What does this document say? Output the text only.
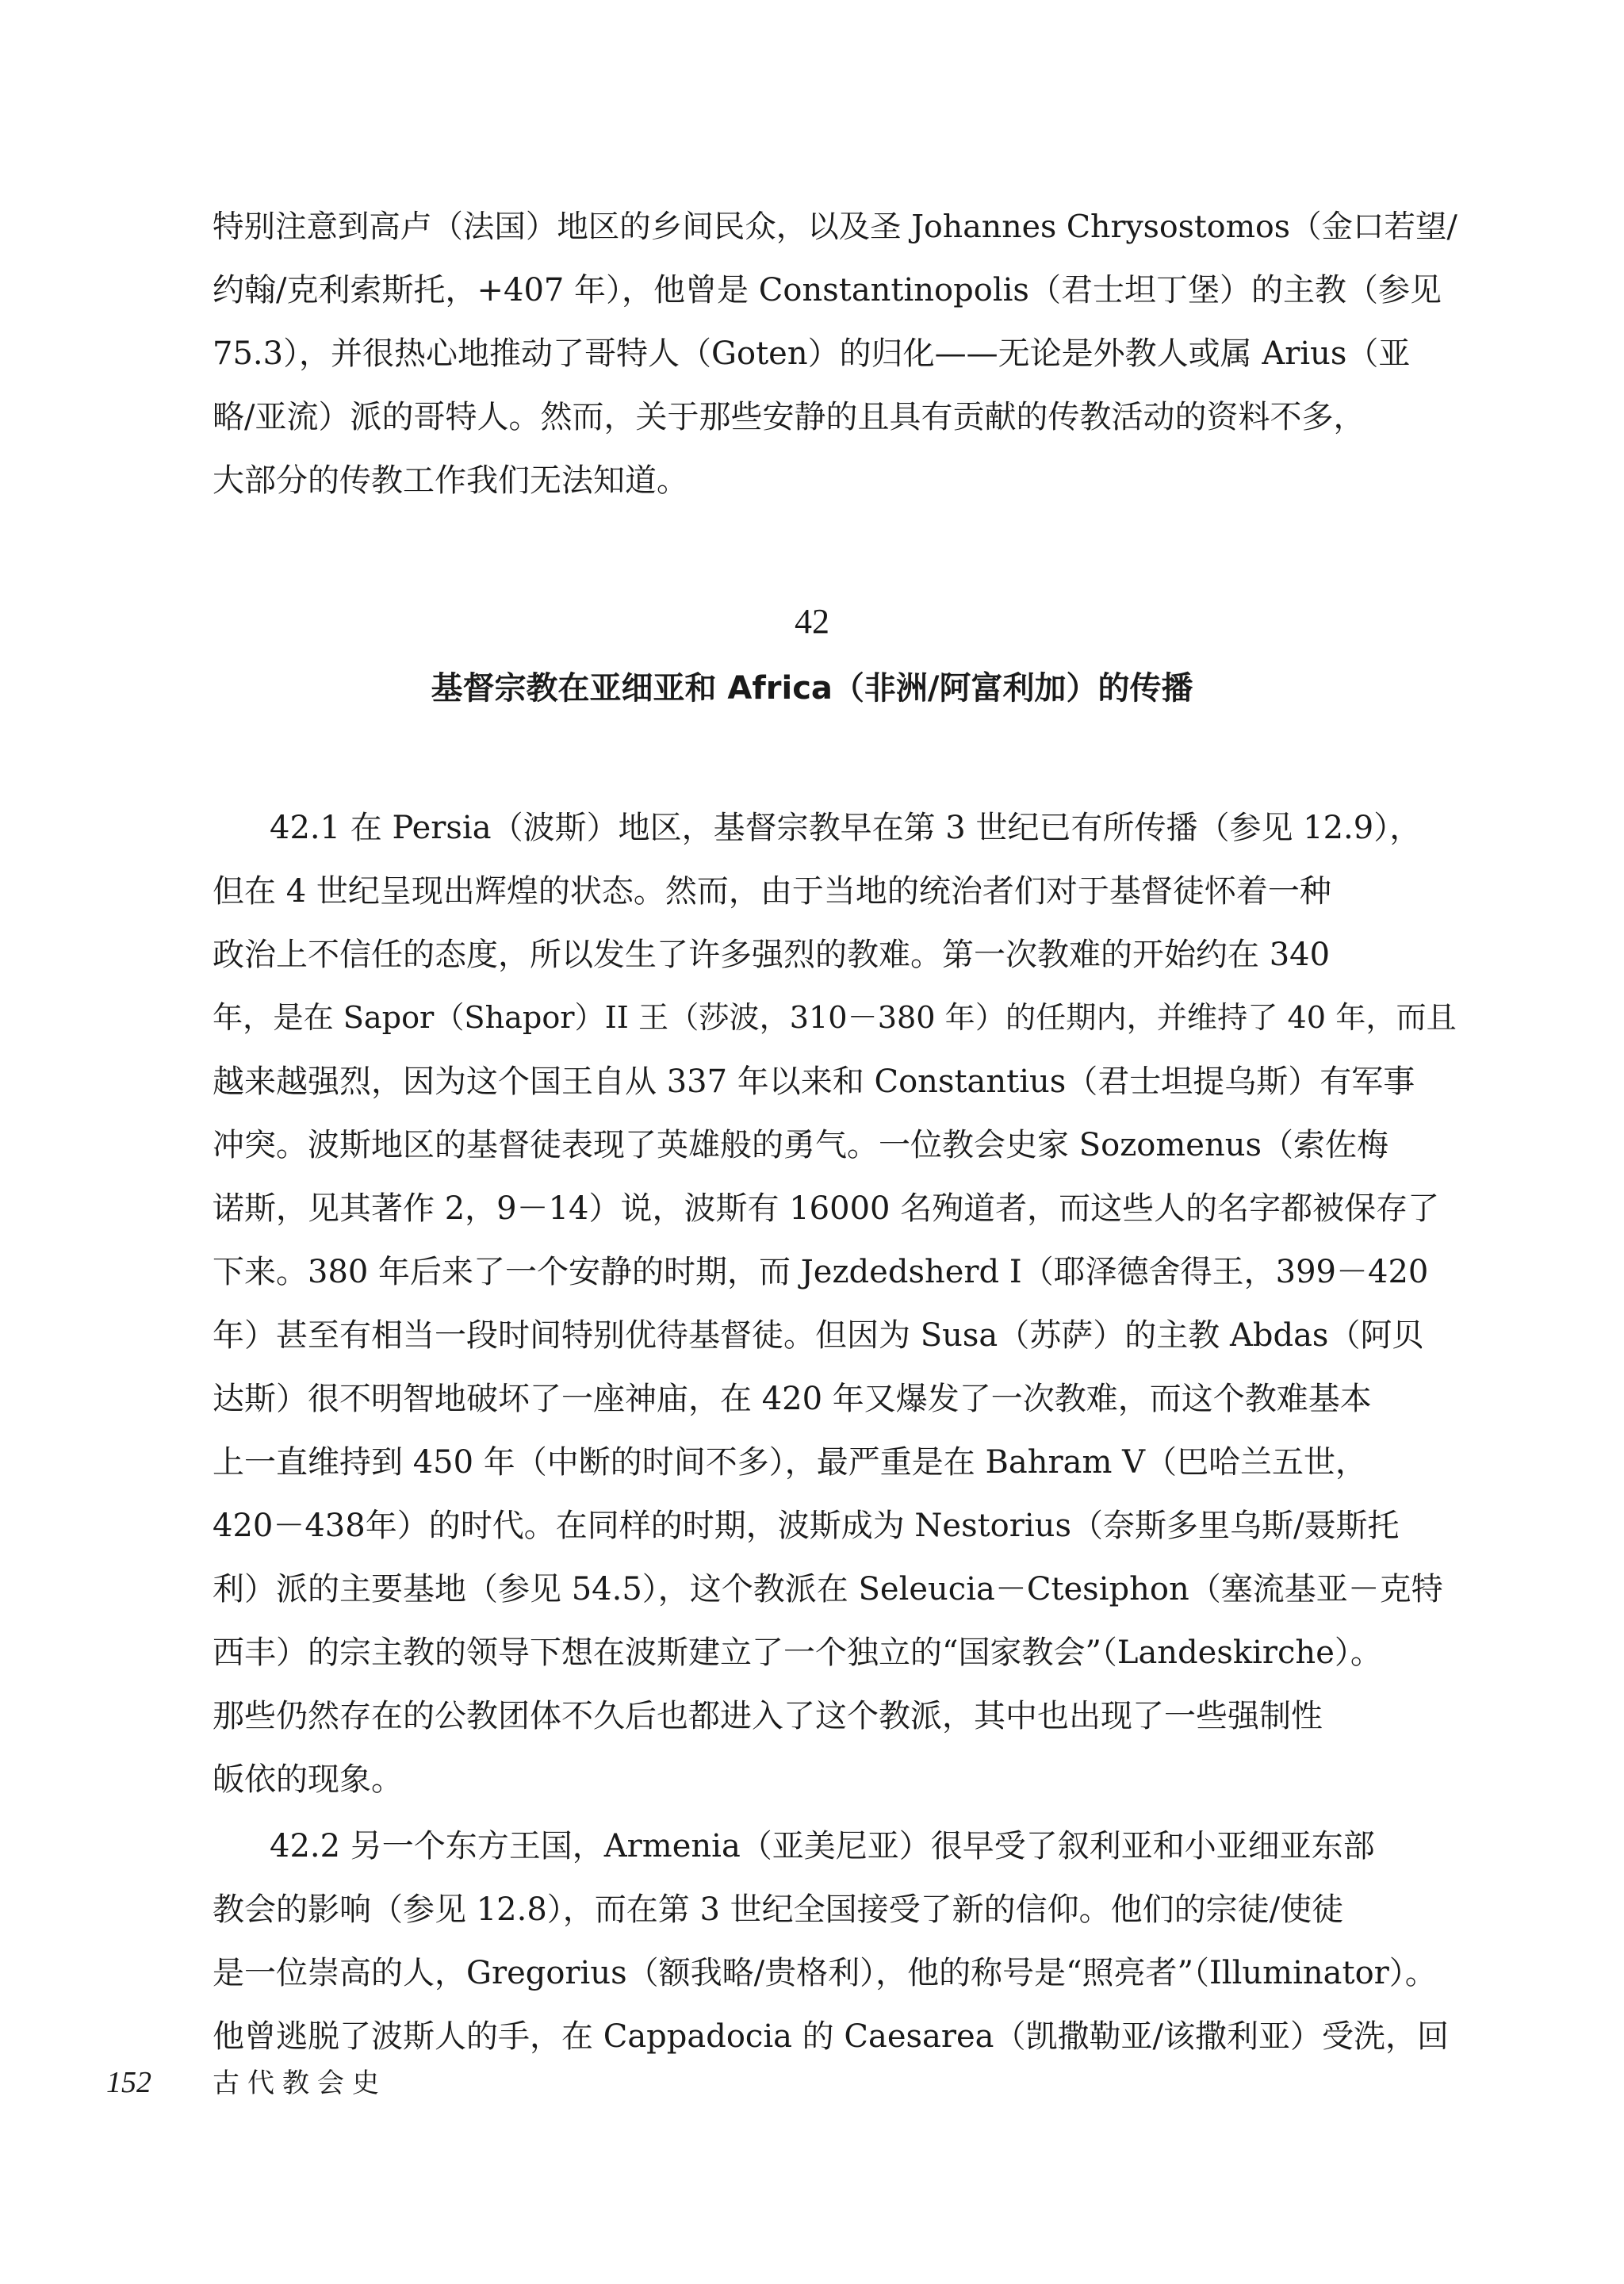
特别注意到高卢（法国）地区的乡间民众，以及圣 Johannes Chrysostomos（金口若望/
约翰/克利索斯托，+407 年），他曾是 Constantinopolis（君士坦丁堡）的主教（参见
75.3），并很热心地推动了哥特人（Goten）的归化——无论是外教人或属 Arius（亚
略/亚流）派的哥特人。然而，关于那些安静的且具有贡献的传教活动的资料不多，
大部分的传教工作我们无法知道。
42
基督宗教在亚细亚和 Africa（非洲/阿富利加）的传播
42.1 在 Persia（波斯）地区，基督宗教早在第 3 世纪已有所传播（参见 12.9），
但在 4 世纪呈现出辉煌的状态。然而，由于当地的统治者们对于基督徒怀着一种
政治上不信任的态度，所以发生了许多强烈的教难。第一次教难的开始约在 340
年，是在 Sapor（Shapor）II 王（莎波，310－380 年）的任期内，并维持了 40 年，而且
越来越强烈，因为这个国王自从 337 年以来和 Constantius（君士坦提乌斯）有军事
冲突。波斯地区的基督徒表现了英雄般的勇气。一位教会史家 Sozomenus（索佐梅
诺斯，见其著作 2，9－14）说，波斯有 16000 名殉道者，而这些人的名字都被保存了
下来。380 年后来了一个安静的时期，而 Jezdedsherd I（耶泽德舍得王，399－420
年）甚至有相当一段时间特别优待基督徒。但因为 Susa（苏萨）的主教 Abdas（阿贝
达斯）很不明智地破坏了一座神庙，在 420 年又爆发了一次教难，而这个教难基本
上一直维持到 450 年（中断的时间不多），最严重是在 Bahram V（巴哈兰五世，
420－438年）的时代。在同样的时期，波斯成为 Nestorius（奈斯多里乌斯/聂斯托
利）派的主要基地（参见 54.5），这个教派在 Seleucia－Ctesiphon（塞流基亚－克特
西丰）的宗主教的领导下想在波斯建立了一个独立的“国家教会”（Landeskirche）。
那些仍然存在的公教团体不久后也都进入了这个教派，其中也出现了一些强制性
皈依的现象。
42.2 另一个东方王国，Armenia（亚美尼亚）很早受了叙利亚和小亚细亚东部
教会的影响（参见 12.8），而在第 3 世纪全国接受了新的信仰。他们的宗徒/使徒
是一位崇高的人，Gregorius（额我略/贵格利），他的称号是“照亮者”（Illuminator）。
他曾逃脱了波斯人的手，在 Cappadocia 的 Caesarea（凯撒勒亚/该撒利亚）受洗，回
152 古代教会史
